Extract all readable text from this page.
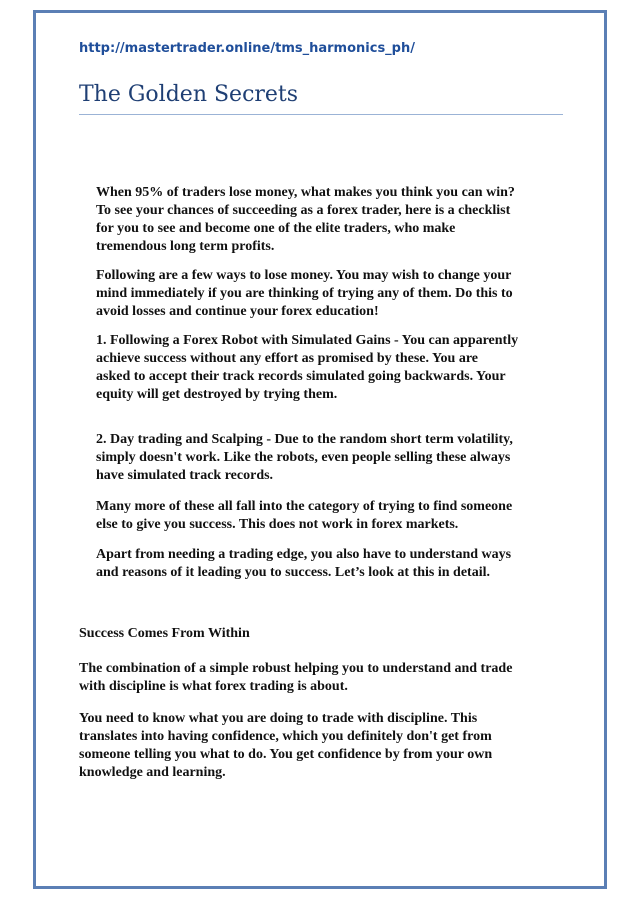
http://mastertrader.online/tms_harmonics_ph/
The Golden Secrets

When 95% of traders lose money, what makes you think you can win?
To see your chances of succeeding as a forex trader, here is a checklist
for you to see and become one of the elite traders, who make
tremendous long term profits.

Following are a few ways to lose money. You may wish to change your
mind immediately if you are thinking of trying any of them. Do this to
avoid losses and continue your forex education!

1. Following a Forex Robot with Simulated Gains - You can apparently
achieve success without any effort as promised by these. You are
asked to accept their track records simulated going backwards. Your
equity will get destroyed by trying them.

2. Day trading and Scalping - Due to the random short term volatility,
simply doesn't work. Like the robots, even people selling these always
have simulated track records.

Many more of these all fall into the category of trying to find someone
else to give you success. This does not work in forex markets.

Apart from needing a trading edge, you also have to understand ways
and reasons of it leading you to success. Let’s look at this in detail.

Success Comes From Within

The combination of a simple robust helping you to understand and trade
with discipline is what forex trading is about.

You need to know what you are doing to trade with discipline. This
translates into having confidence, which you definitely don't get from
someone telling you what to do. You get confidence by from your own
knowledge and learning.
